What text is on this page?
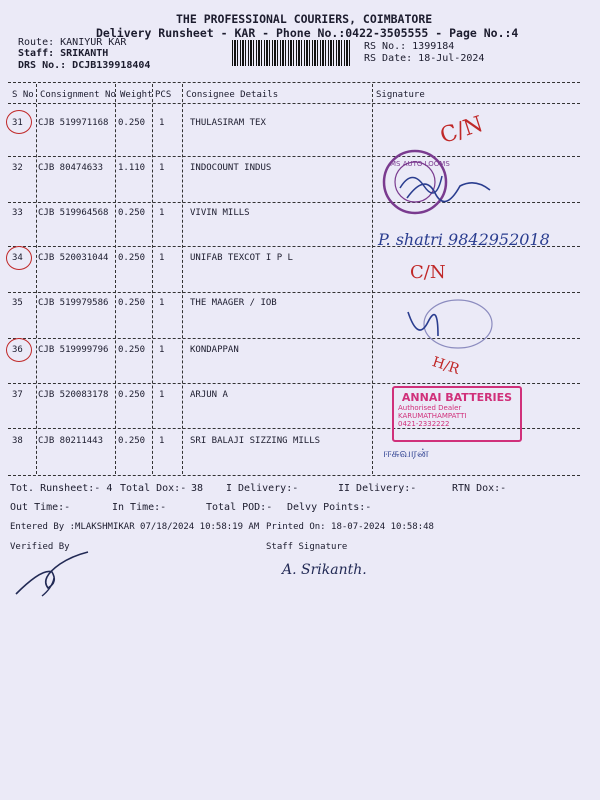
THE PROFESSIONAL COURIERS, COIMBATORE
Delivery Runsheet - KAR - Phone No.:0422-3505555 - Page No.:4
Route: KANIYUR KAR
Staff: SRIKANTH
DRS No.: DCJB139918404
RS No.: 1399184
RS Date: 18-Jul-2024
S No Consignment No Weight PCS Consignee Details	Signature
31 CJB 519971168 0.250 1	THULASIRAM TEX
32 CJB 80474633 1.110 1	INDOCOUNT INDUS
33 CJB 519964568 0.250 1	VIVIN MILLS
34 CJB 520031044 0.250 1	UNIFAB TEXCOT I P L
35 CJB 519979586 0.250 1	THE MAAGER / IOB
36 CJB 519999796 0.250 1	KONDAPPAN
37 CJB 520083178 0.250 1	ARJUN A
38 CJB 80211443 0.250 1	SRI BALAJI SIZZING MILLS
MS AUTO LOOMS
C/N
P. shatri 9842952018
C/N
H/R
ANNAI BATTERIES
Authorised Dealer
KARUMATHAMPATTI
0421-2332222
ஈசுவரன்
Tot. Runsheet:- 4 Total Dox:- 38 I Delivery:-	II Delivery:-	RTN Dox:-
Out Time:-	In Time:-	Total POD:- Delvy Points:-
Entered By :MLAKSHMIKAR 07/18/2024 10:58:19 AM Printed On: 18-07-2024 10:58:48
Verified By	Staff Signature
A. Srikanth.
